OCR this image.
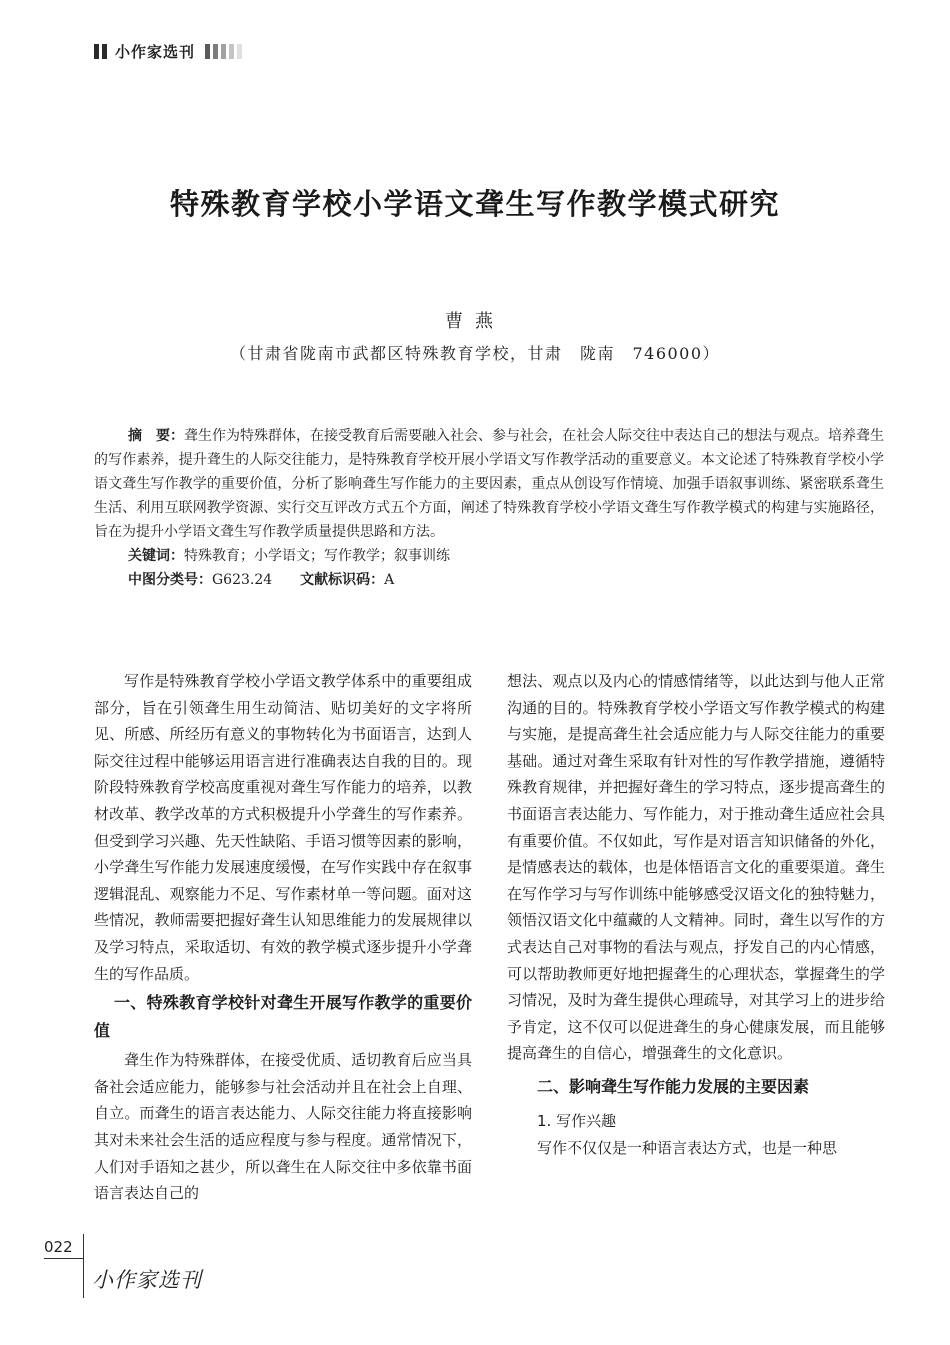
小作家选刊
特殊教育学校小学语文聋生写作教学模式研究
曹燕
（甘肃省陇南市武都区特殊教育学校，甘肃　陇南　746000）

摘　要：聋生作为特殊群体，在接受教育后需要融入社会、参与社会，在社会人际交往中表达自己的想法与观点。培养聋生的写作素养，提升聋生的人际交往能力，是特殊教育学校开展小学语文写作教学活动的重要意义。本文论述了特殊教育学校小学语文聋生写作教学的重要价值，分析了影响聋生写作能力的主要因素，重点从创设写作情境、加强手语叙事训练、紧密联系聋生生活、利用互联网教学资源、实行交互评改方式五个方面，阐述了特殊教育学校小学语文聋生写作教学模式的构建与实施路径，旨在为提升小学语文聋生写作教学质量提供思路和方法。

关键词：特殊教育；小学语文；写作教学；叙事训练

中图分类号：G623.24　　 文献标识码：A

写作是特殊教育学校小学语文教学体系中的重要组成部分，旨在引领聋生用生动简洁、贴切美好的文字将所见、所感、所经历有意义的事物转化为书面语言，达到人际交往过程中能够运用语言进行准确表达自我的目的。现阶段特殊教育学校高度重视对聋生写作能力的培养，以教材改革、教学改革的方式积极提升小学聋生的写作素养。但受到学习兴趣、先天性缺陷、手语习惯等因素的影响，小学聋生写作能力发展速度缓慢，在写作实践中存在叙事逻辑混乱、观察能力不足、写作素材单一等问题。面对这些情况，教师需要把握好聋生认知思维能力的发展规律以及学习特点，采取适切、有效的教学模式逐步提升小学聋生的写作品质。

一、特殊教育学校针对聋生开展写作教学的重要价值

聋生作为特殊群体，在接受优质、适切教育后应当具备社会适应能力，能够参与社会活动并且在社会上自理、自立。而聋生的语言表达能力、人际交往能力将直接影响其对未来社会生活的适应程度与参与程度。通常情况下，人们对手语知之甚少，所以聋生在人际交往中多依靠书面语言表达自己的

想法、观点以及内心的情感情绪等，以此达到与他人正常沟通的目的。特殊教育学校小学语文写作教学模式的构建与实施，是提高聋生社会适应能力与人际交往能力的重要基础。通过对聋生采取有针对性的写作教学措施，遵循特殊教育规律，并把握好聋生的学习特点，逐步提高聋生的书面语言表达能力、写作能力，对于推动聋生适应社会具有重要价值。不仅如此，写作是对语言知识储备的外化，是情感表达的载体，也是体悟语言文化的重要渠道。聋生在写作学习与写作训练中能够感受汉语文化的独特魅力，领悟汉语文化中蕴藏的人文精神。同时，聋生以写作的方式表达自己对事物的看法与观点，抒发自己的内心情感，可以帮助教师更好地把握聋生的心理状态，掌握聋生的学习情况，及时为聋生提供心理疏导，对其学习上的进步给予肯定，这不仅可以促进聋生的身心健康发展，而且能够提高聋生的自信心，增强聋生的文化意识。

二、影响聋生写作能力发展的主要因素
1. 写作兴趣

写作不仅仅是一种语言表达方式，也是一种思

022
小作家选刊
